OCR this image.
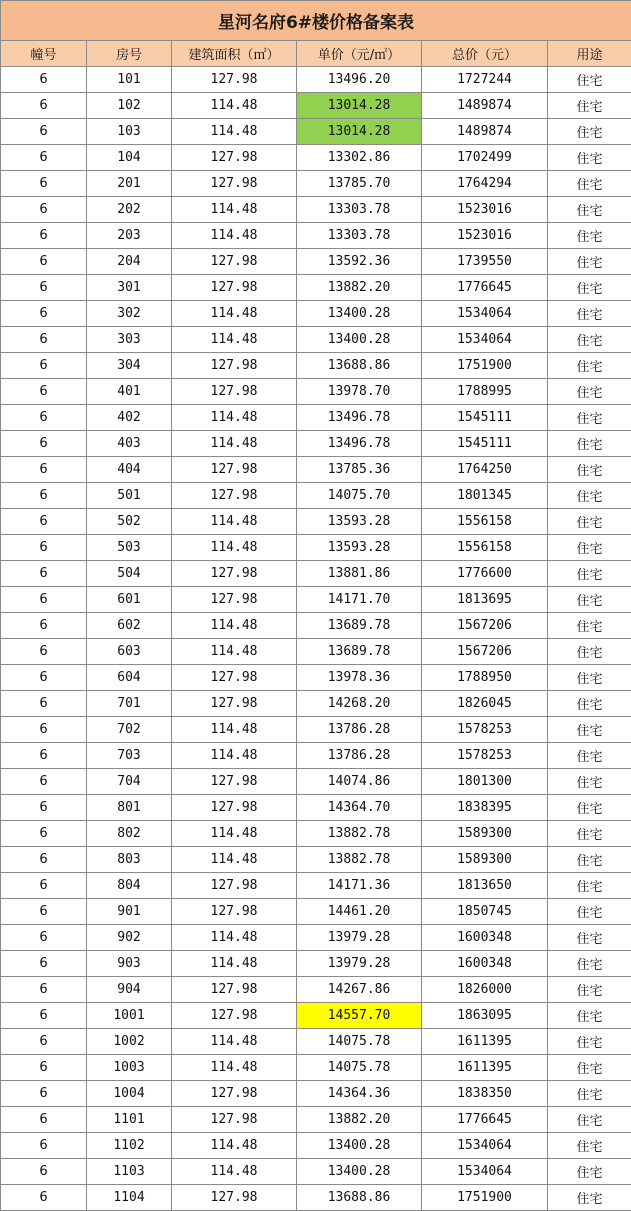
星河名府6#楼价格备案表					
幢号	房号	建筑面积（㎡）	单价（元/㎡）	总价（元）	用途
6	101	127.98	13496.20	1727244	住宅
6	102	114.48	13014.28	1489874	住宅
6	103	114.48	13014.28	1489874	住宅
6	104	127.98	13302.86	1702499	住宅
6	201	127.98	13785.70	1764294	住宅
6	202	114.48	13303.78	1523016	住宅
6	203	114.48	13303.78	1523016	住宅
6	204	127.98	13592.36	1739550	住宅
6	301	127.98	13882.20	1776645	住宅
6	302	114.48	13400.28	1534064	住宅
6	303	114.48	13400.28	1534064	住宅
6	304	127.98	13688.86	1751900	住宅
6	401	127.98	13978.70	1788995	住宅
6	402	114.48	13496.78	1545111	住宅
6	403	114.48	13496.78	1545111	住宅
6	404	127.98	13785.36	1764250	住宅
6	501	127.98	14075.70	1801345	住宅
6	502	114.48	13593.28	1556158	住宅
6	503	114.48	13593.28	1556158	住宅
6	504	127.98	13881.86	1776600	住宅
6	601	127.98	14171.70	1813695	住宅
6	602	114.48	13689.78	1567206	住宅
6	603	114.48	13689.78	1567206	住宅
6	604	127.98	13978.36	1788950	住宅
6	701	127.98	14268.20	1826045	住宅
6	702	114.48	13786.28	1578253	住宅
6	703	114.48	13786.28	1578253	住宅
6	704	127.98	14074.86	1801300	住宅
6	801	127.98	14364.70	1838395	住宅
6	802	114.48	13882.78	1589300	住宅
6	803	114.48	13882.78	1589300	住宅
6	804	127.98	14171.36	1813650	住宅
6	901	127.98	14461.20	1850745	住宅
6	902	114.48	13979.28	1600348	住宅
6	903	114.48	13979.28	1600348	住宅
6	904	127.98	14267.86	1826000	住宅
6	1001	127.98	14557.70	1863095	住宅
6	1002	114.48	14075.78	1611395	住宅
6	1003	114.48	14075.78	1611395	住宅
6	1004	127.98	14364.36	1838350	住宅
6	1101	127.98	13882.20	1776645	住宅
6	1102	114.48	13400.28	1534064	住宅
6	1103	114.48	13400.28	1534064	住宅
6	1104	127.98	13688.86	1751900	住宅
